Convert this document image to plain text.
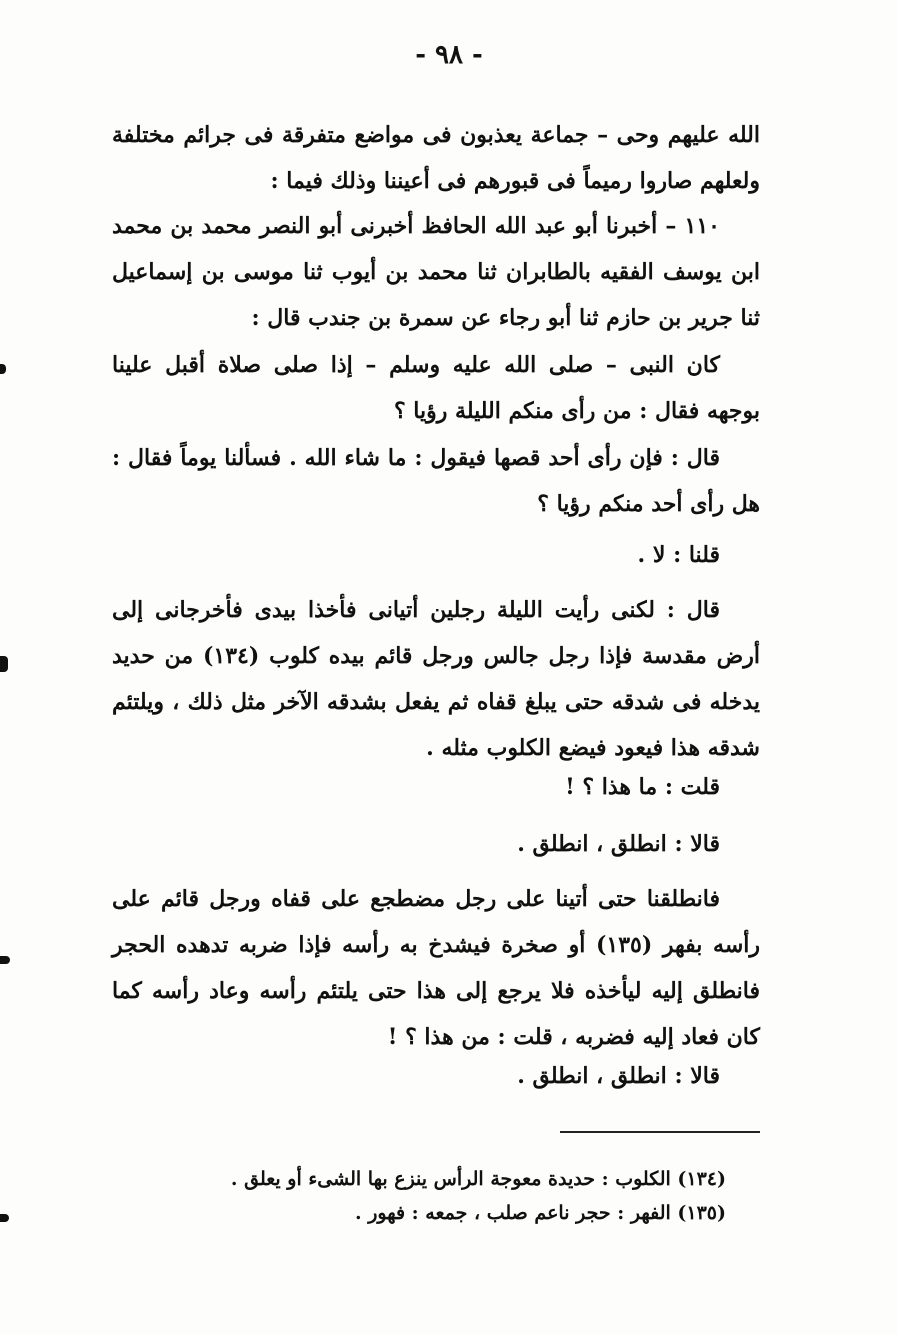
- ٩٨ -

الله عليهم وحى – جماعة يعذبون فى مواضع متفرقة فى جرائم مختلفة ولعلهم صاروا رميماً فى قبورهم فى أعيننا وذلك فيما :

١١٠ – أخبرنا أبو عبد الله الحافظ أخبرنى أبو النصر محمد بن محمد ابن يوسف الفقيه بالطابران ثنا محمد بن أيوب ثنا موسى بن إسماعيل ثنا جرير بن حازم ثنا أبو رجاء عن سمرة بن جندب قال :

كان النبى – صلى الله عليه وسلم – إذا صلى صلاة أقبل علينا بوجهه فقال : من رأى منكم الليلة رؤيا ؟

قال : فإن رأى أحد قصها فيقول : ما شاء الله . فسألنا يوماً فقال : هل رأى أحد منكم رؤيا ؟

قلنا : لا .

قال : لكنى رأيت الليلة رجلين أتيانى فأخذا بيدى فأخرجانى إلى أرض مقدسة فإذا رجل جالس ورجل قائم بيده كلوب (١٣٤) من حديد يدخله فى شدقه حتى يبلغ قفاه ثم يفعل بشدقه الآخر مثل ذلك ، ويلتئم شدقه هذا فيعود فيضع الكلوب مثله .

قلت : ما هذا ؟ !

قالا : انطلق ، انطلق .

فانطلقنا حتى أتينا على رجل مضطجع على قفاه ورجل قائم على رأسه بفهر (١٣٥) أو صخرة فيشدخ به رأسه فإذا ضربه تدهده الحجر فانطلق إليه ليأخذه فلا يرجع إلى هذا حتى يلتئم رأسه وعاد رأسه كما كان فعاد إليه فضربه ، قلت : من هذا ؟ !

قالا : انطلق ، انطلق .

(١٣٤) الكلوب : حديدة معوجة الرأس ينزع بها الشىء أو يعلق .

(١٣٥) الفهر : حجر ناعم صلب ، جمعه : فهور .
